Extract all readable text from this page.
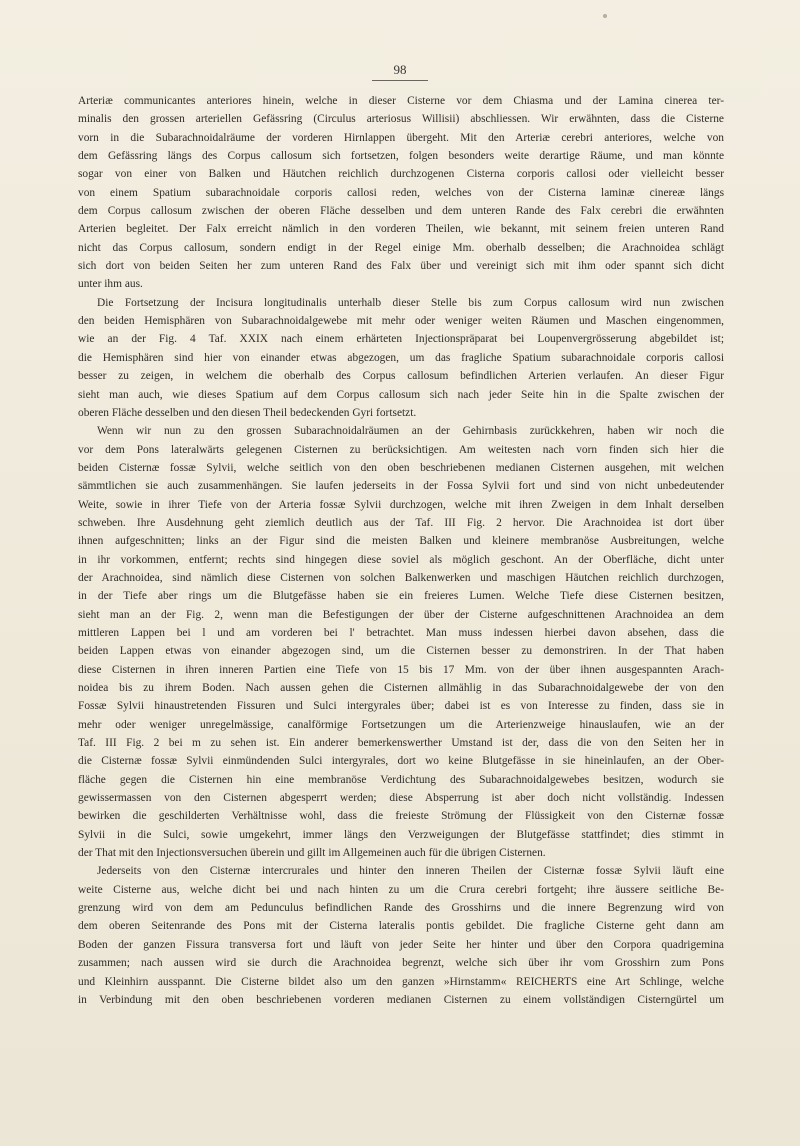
98
Arteriæ communicantes anteriores hinein, welche in dieser Cisterne vor dem Chiasma und der Lamina cinerea ter-
minalis den grossen arteriellen Gefässring (Circulus arteriosus Willisii) abschliessen. Wir erwähnten, dass die Cisterne
vorn in die Subarachnoidalräume der vorderen Hirnlappen übergeht. Mit den Arteriæ cerebri anteriores, welche von
dem Gefässring längs des Corpus callosum sich fortsetzen, folgen besonders weite derartige Räume, und man könnte
sogar von einer von Balken und Häutchen reichlich durchzogenen Cisterna corporis callosi oder vielleicht besser
von einem Spatium subarachnoidale corporis callosi reden, welches von der Cisterna laminæ cinereæ längs
dem Corpus callosum zwischen der oberen Fläche desselben und dem unteren Rande des Falx cerebri die erwähnten
Arterien begleitet. Der Falx erreicht nämlich in den vorderen Theilen, wie bekannt, mit seinem freien unteren Rand
nicht das Corpus callosum, sondern endigt in der Regel einige Mm. oberhalb desselben; die Arachnoidea schlägt
sich dort von beiden Seiten her zum unteren Rand des Falx über und vereinigt sich mit ihm oder spannt sich dicht
unter ihm aus.
Die Fortsetzung der Incisura longitudinalis unterhalb dieser Stelle bis zum Corpus callosum wird nun zwischen
den beiden Hemisphären von Subarachnoidalgewebe mit mehr oder weniger weiten Räumen und Maschen eingenommen,
wie an der Fig. 4 Taf. XXIX nach einem erhärteten Injectionspräparat bei Loupenvergrösserung abgebildet ist;
die Hemisphären sind hier von einander etwas abgezogen, um das fragliche Spatium subarachnoidale corporis callosi
besser zu zeigen, in welchem die oberhalb des Corpus callosum befindlichen Arterien verlaufen. An dieser Figur
sieht man auch, wie dieses Spatium auf dem Corpus callosum sich nach jeder Seite hin in die Spalte zwischen der
oberen Fläche desselben und den diesen Theil bedeckenden Gyri fortsetzt.
Wenn wir nun zu den grossen Subarachnoidalräumen an der Gehirnbasis zurückkehren, haben wir noch die
vor dem Pons lateralwärts gelegenen Cisternen zu berücksichtigen. Am weitesten nach vorn finden sich hier die
beiden Cisternæ fossæ Sylvii, welche seitlich von den oben beschriebenen medianen Cisternen ausgehen, mit welchen
sämmtlichen sie auch zusammenhängen. Sie laufen jederseits in der Fossa Sylvii fort und sind von nicht unbedeutender
Weite, sowie in ihrer Tiefe von der Arteria fossæ Sylvii durchzogen, welche mit ihren Zweigen in dem Inhalt derselben
schweben. Ihre Ausdehnung geht ziemlich deutlich aus der Taf. III Fig. 2 hervor. Die Arachnoidea ist dort über
ihnen aufgeschnitten; links an der Figur sind die meisten Balken und kleinere membranöse Ausbreitungen, welche
in ihr vorkommen, entfernt; rechts sind hingegen diese soviel als möglich geschont. An der Oberfläche, dicht unter
der Arachnoidea, sind nämlich diese Cisternen von solchen Balkenwerken und maschigen Häutchen reichlich durchzogen,
in der Tiefe aber rings um die Blutgefässe haben sie ein freieres Lumen. Welche Tiefe diese Cisternen besitzen,
sieht man an der Fig. 2, wenn man die Befestigungen der über der Cisterne aufgeschnittenen Arachnoidea an dem
mittleren Lappen bei l und am vorderen bei l' betrachtet. Man muss indessen hierbei davon absehen, dass die
beiden Lappen etwas von einander abgezogen sind, um die Cisternen besser zu demonstriren. In der That haben
diese Cisternen in ihren inneren Partien eine Tiefe von 15 bis 17 Mm. von der über ihnen ausgespannten Arach-
noidea bis zu ihrem Boden. Nach aussen gehen die Cisternen allmählig in das Subarachnoidalgewebe der von den
Fossæ Sylvii hinaustretenden Fissuren und Sulci intergyrales über; dabei ist es von Interesse zu finden, dass sie in
mehr oder weniger unregelmässige, canalförmige Fortsetzungen um die Arterienzweige hinauslaufen, wie an der
Taf. III Fig. 2 bei m zu sehen ist. Ein anderer bemerkenswerther Umstand ist der, dass die von den Seiten her in
die Cisternæ fossæ Sylvii einmündenden Sulci intergyrales, dort wo keine Blutgefässe in sie hineinlaufen, an der Ober-
fläche gegen die Cisternen hin eine membranöse Verdichtung des Subarachnoidalgewebes besitzen, wodurch sie
gewissermassen von den Cisternen abgesperrt werden; diese Absperrung ist aber doch nicht vollständig. Indessen
bewirken die geschilderten Verhältnisse wohl, dass die freieste Strömung der Flüssigkeit von den Cisternæ fossæ
Sylvii in die Sulci, sowie umgekehrt, immer längs den Verzweigungen der Blutgefässe stattfindet; dies stimmt in
der That mit den Injectionsversuchen überein und gillt im Allgemeinen auch für die übrigen Cisternen.
Jederseits von den Cisternæ intercrurales und hinter den inneren Theilen der Cisternæ fossæ Sylvii läuft eine
weite Cisterne aus, welche dicht bei und nach hinten zu um die Crura cerebri fortgeht; ihre äussere seitliche Be-
grenzung wird von dem am Pedunculus befindlichen Rande des Grosshirns und die innere Begrenzung wird von
dem oberen Seitenrande des Pons mit der Cisterna lateralis pontis gebildet. Die fragliche Cisterne geht dann am
Boden der ganzen Fissura transversa fort und läuft von jeder Seite her hinter und über den Corpora quadrigemina
zusammen; nach aussen wird sie durch die Arachnoidea begrenzt, welche sich über ihr vom Grosshirn zum Pons
und Kleinhirn ausspannt. Die Cisterne bildet also um den ganzen »Hirnstamm« REICHERTS eine Art Schlinge, welche
in Verbindung mit den oben beschriebenen vorderen medianen Cisternen zu einem vollständigen Cisterngürtel um
